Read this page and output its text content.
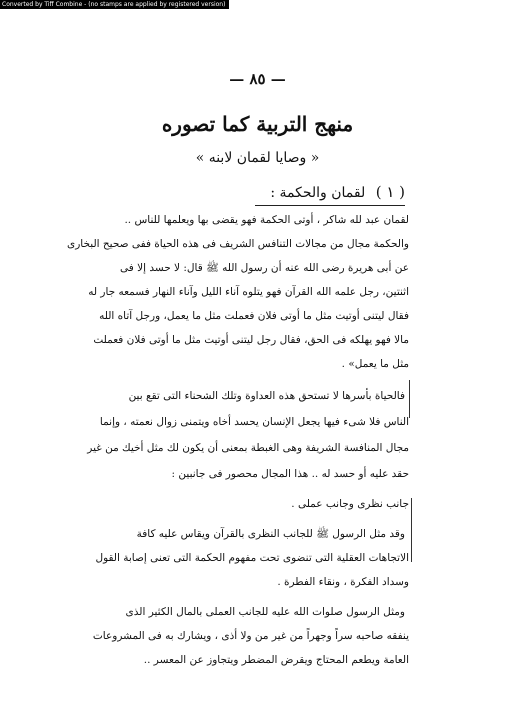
Converted by Tiff Combine - (no stamps are applied by registered version)
— ٨٥ —
منهج التربية كما تصوره
« وصايا لقمان لابنه »
( ١ ) لقمان والحكمة :
لقمان عبد لله شاكر ، أوتى الحكمة فهو يقضى بها ويعلمها للناس ..
والحكمة مجال من مجالات التنافس الشريف فى هذه الحياة ففى صحيح البخارى
عن أبى هريرة رضى الله عنه أن رسول الله ﷺ قال: لا حسد إلا فى
اثنتين، رجل علمه الله القرآن فهو يتلوه آناء الليل وآناء النهار فسمعه جار له
فقال ليتنى أوتيت مثل ما أوتى فلان فعملت مثل ما يعمل، ورجل آتاه الله
مالا فهو يهلكه فى الحق، فقال رجل ليتنى أوتيت مثل ما أوتى فلان فعملت
مثل ما يعمل» .
فالحياة بأسرها لا تستحق هذه العداوة وتلك الشحناء التى تقع بين
الناس فلا شىء فيها يجعل الإنسان يحسد أخاه ويتمنى زوال نعمته ، وإنما
مجال المنافسة الشريفة وهى الغبطة بمعنى أن يكون لك مثل أخيك من غير
حقد عليه أو حسد له .. هذا المجال محصور فى جانبين :
جانب نظرى وجانب عملى .
وقد مثل الرسول ﷺ للجانب النظرى بالقرآن ويقاس عليه كافة
الاتجاهات العقلية التى تنضوى تحت مفهوم الحكمة التى تعنى إصابة القول
وسداد الفكرة ، ونقاء الفطرة .
ومثل الرسول صلوات الله عليه للجانب العملى بالمال الكثير الذى
ينفقه صاحبه سراً وجهراً من غير من ولا أذى ، ويشارك به فى المشروعات
العامة ويطعم المحتاج ويقرض المضطر ويتجاوز عن المعسر ..
